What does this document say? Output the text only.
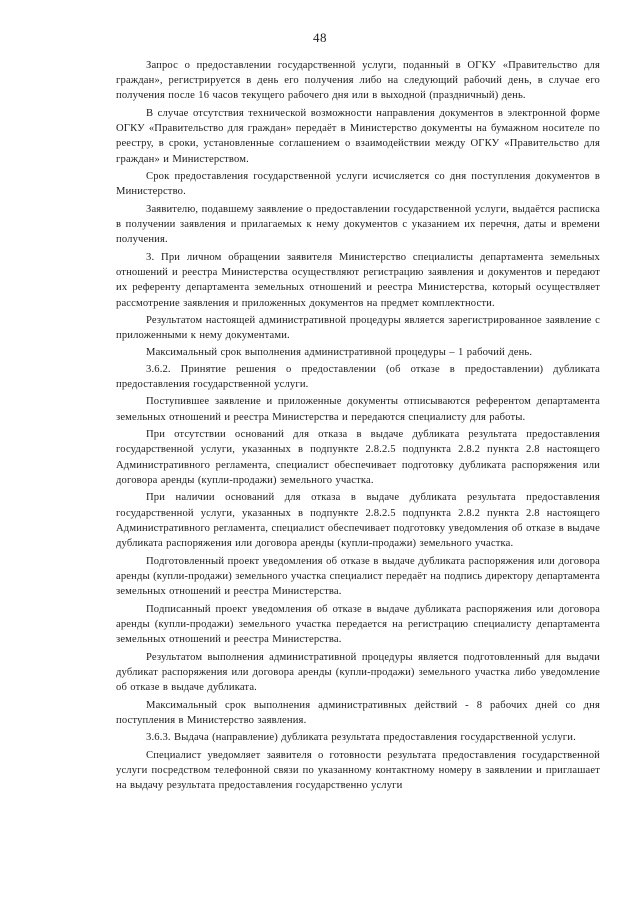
48

Запрос о предоставлении государственной услуги, поданный в ОГКУ «Правительство для граждан», регистрируется в день его получения либо на следующий рабочий день, в случае его получения после 16 часов текущего рабочего дня или в выходной (праздничный) день.

В случае отсутствия технической возможности направления документов в электронной форме ОГКУ «Правительство для граждан» передаёт в Министерство документы на бумажном носителе по реестру, в сроки, установленные соглашением о взаимодействии между ОГКУ «Правительство для граждан» и Министерством.

Срок предоставления государственной услуги исчисляется со дня поступления документов в Министерство.

Заявителю, подавшему заявление о предоставлении государственной услуги, выдаётся расписка в получении заявления и прилагаемых к нему документов с указанием их перечня, даты и времени получения.

3. При личном обращении заявителя Министерство специалисты департамента земельных отношений и реестра Министерства осуществляют регистрацию заявления и документов и передают их референту департамента земельных отношений и реестра Министерства, который осуществляет рассмотрение заявления и приложенных документов на предмет комплектности.

Результатом настоящей административной процедуры является зарегистрированное заявление с приложенными к нему документами.

Максимальный срок выполнения административной процедуры – 1 рабочий день.

3.6.2. Принятие решения о предоставлении (об отказе в предоставлении) дубликата предоставления государственной услуги.

Поступившее заявление и приложенные документы отписываются референтом департамента земельных отношений и реестра Министерства и передаются специалисту для работы.

При отсутствии оснований для отказа в выдаче дубликата результата предоставления государственной услуги, указанных в подпункте 2.8.2.5 подпункта 2.8.2 пункта 2.8 настоящего Административного регламента, специалист обеспечивает подготовку дубликата распоряжения или договора аренды (купли-продажи) земельного участка.

При наличии оснований для отказа в выдаче дубликата результата предоставления государственной услуги, указанных в подпункте 2.8.2.5 подпункта 2.8.2 пункта 2.8 настоящего Административного регламента, специалист обеспечивает подготовку уведомления об отказе в выдаче дубликата распоряжения или договора аренды (купли-продажи) земельного участка.

Подготовленный проект уведомления об отказе в выдаче дубликата распоряжения или договора аренды (купли-продажи) земельного участка специалист передаёт на подпись директору департамента земельных отношений и реестра Министерства.

Подписанный проект уведомления об отказе в выдаче дубликата распоряжения или договора аренды (купли-продажи) земельного участка передается на регистрацию специалисту департамента земельных отношений и реестра Министерства.

Результатом выполнения административной процедуры является подготовленный для выдачи дубликат распоряжения или договора аренды (купли-продажи) земельного участка либо уведомление об отказе в выдаче дубликата.

Максимальный срок выполнения административных действий - 8 рабочих дней со дня поступления в Министерство заявления.

3.6.3. Выдача (направление) дубликата результата предоставления государственной услуги.

Специалист уведомляет заявителя о готовности результата предоставления государственной услуги посредством телефонной связи по указанному контактному номеру в заявлении и приглашает на выдачу результата предоставления государственно услуги
